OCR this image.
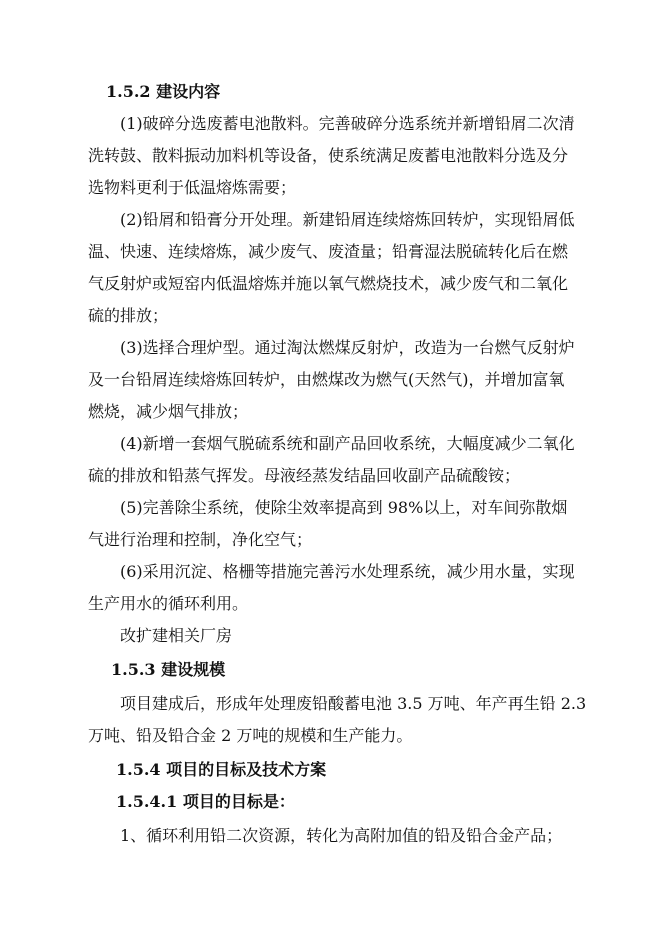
1.5.2 建设内容
(1)破碎分选废蓄电池散料。完善破碎分选系统并新增铅屑二次清
洗转鼓、散料振动加料机等设备，使系统满足废蓄电池散料分选及分
选物料更利于低温熔炼需要；
(2)铅屑和铅膏分开处理。新建铅屑连续熔炼回转炉，实现铅屑低
温、快速、连续熔炼，减少废气、废渣量；铅膏湿法脱硫转化后在燃
气反射炉或短窑内低温熔炼并施以氧气燃烧技术，减少废气和二氧化
硫的排放；
(3)选择合理炉型。通过淘汰燃煤反射炉，改造为一台燃气反射炉
及一台铅屑连续熔炼回转炉，由燃煤改为燃气(天然气)，并增加富氧
燃烧，减少烟气排放；
(4)新增一套烟气脱硫系统和副产品回收系统，大幅度减少二氧化
硫的排放和铅蒸气挥发。母液经蒸发结晶回收副产品硫酸铵；
(5)完善除尘系统，使除尘效率提高到 98%以上，对车间弥散烟
气进行治理和控制，净化空气；
(6)采用沉淀、格栅等措施完善污水处理系统，减少用水量，实现
生产用水的循环利用。
改扩建相关厂房
1.5.3 建设规模
项目建成后，形成年处理废铅酸蓄电池 3.5 万吨、年产再生铅 2.3
万吨、铅及铅合金 2 万吨的规模和生产能力。
1.5.4 项目的目标及技术方案
1.5.4.1 项目的目标是：
1、循环利用铅二次资源，转化为高附加值的铅及铅合金产品；
